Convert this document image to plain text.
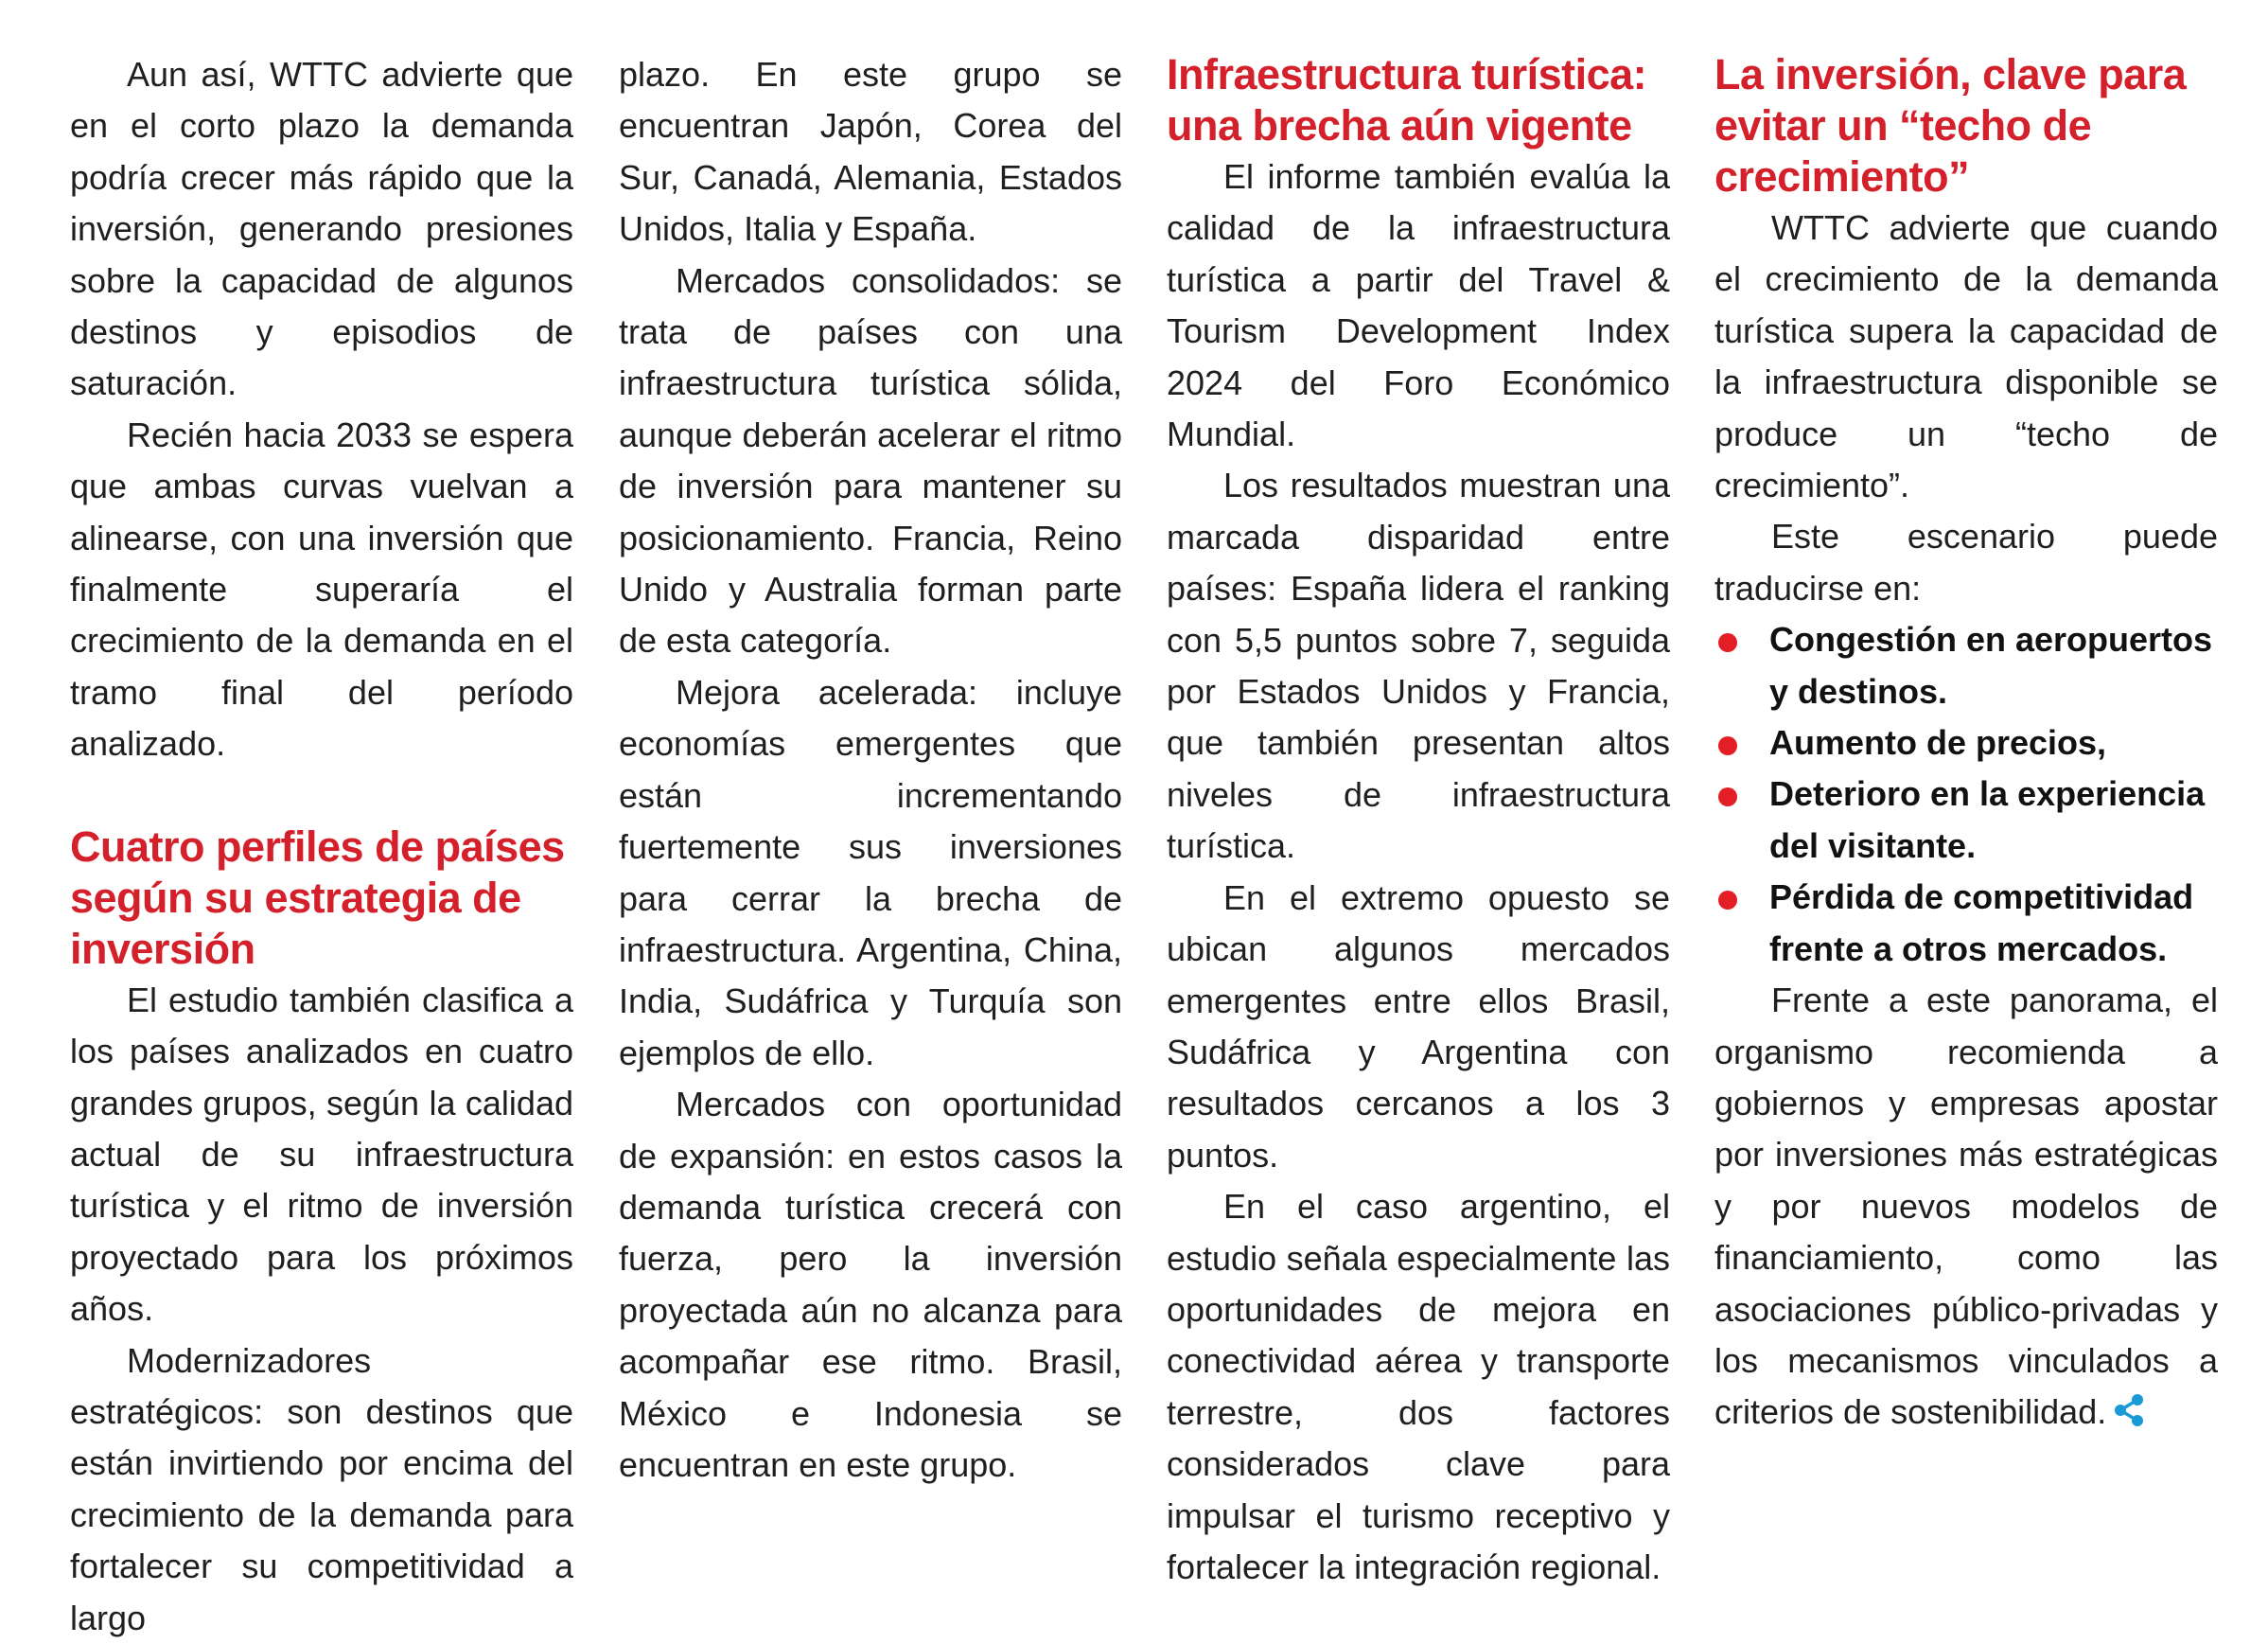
Aun así, WTTC advierte que en el corto plazo la demanda podría crecer más rápido que la inversión, generando presiones sobre la capacidad de algunos destinos y episodios de saturación.

Recién hacia 2033 se espera que ambas curvas vuelvan a alinearse, con una inversión que finalmente superaría el crecimiento de la demanda en el tramo final del período analizado.

Cuatro perfiles de países según su estrategia de inversión

El estudio también clasifica a los países analizados en cuatro grandes grupos, según la calidad actual de su infraestructura turística y el ritmo de inversión proyectado para los próximos años.

Modernizadores estratégicos: son destinos que están invirtiendo por encima del crecimiento de la demanda para fortalecer su competitividad a largo

plazo. En este grupo se encuentran Japón, Corea del Sur, Canadá, Alemania, Estados Unidos, Italia y España.

Mercados consolidados: se trata de países con una infraestructura turística sólida, aunque deberán acelerar el ritmo de inversión para mantener su posicionamiento. Francia, Reino Unido y Australia forman parte de esta categoría.

Mejora acelerada: incluye economías emergentes que están incrementando fuertemente sus inversiones para cerrar la brecha de infraestructura. Argentina, China, India, Sudáfrica y Turquía son ejemplos de ello.

Mercados con oportunidad de expansión: en estos casos la demanda turística crecerá con fuerza, pero la inversión proyectada aún no alcanza para acompañar ese ritmo. Brasil, México e Indonesia se encuentran en este grupo.

Infraestructura turística: una brecha aún vigente

El informe también evalúa la calidad de la infraestructura turística a partir del Travel & Tourism Development Index 2024 del Foro Económico Mundial.

Los resultados muestran una marcada disparidad entre países: España lidera el ranking con 5,5 puntos sobre 7, seguida por Estados Unidos y Francia, que también presentan altos niveles de infraestructura turística.

En el extremo opuesto se ubican algunos mercados emergentes entre ellos Brasil, Sudáfrica y Argentina con resultados cercanos a los 3 puntos.

En el caso argentino, el estudio señala especialmente las oportunidades de mejora en conectividad aérea y transporte terrestre, dos factores considerados clave para impulsar el turismo receptivo y fortalecer la integración regional.

La inversión, clave para evitar un “techo de crecimiento”

WTTC advierte que cuando el crecimiento de la demanda turística supera la capacidad de la infraestructura disponible se produce un “techo de crecimiento”.

Este escenario puede traducirse en:

Congestión en aeropuertos y destinos.
Aumento de precios,
Deterioro en la experiencia del visitante.
Pérdida de competitividad frente a otros mercados.

Frente a este panorama, el organismo recomienda a gobiernos y empresas apostar por inversiones más estratégicas y por nuevos modelos de financiamiento, como las asociaciones público-privadas y los mecanismos vinculados a criterios de sostenibilidad.
